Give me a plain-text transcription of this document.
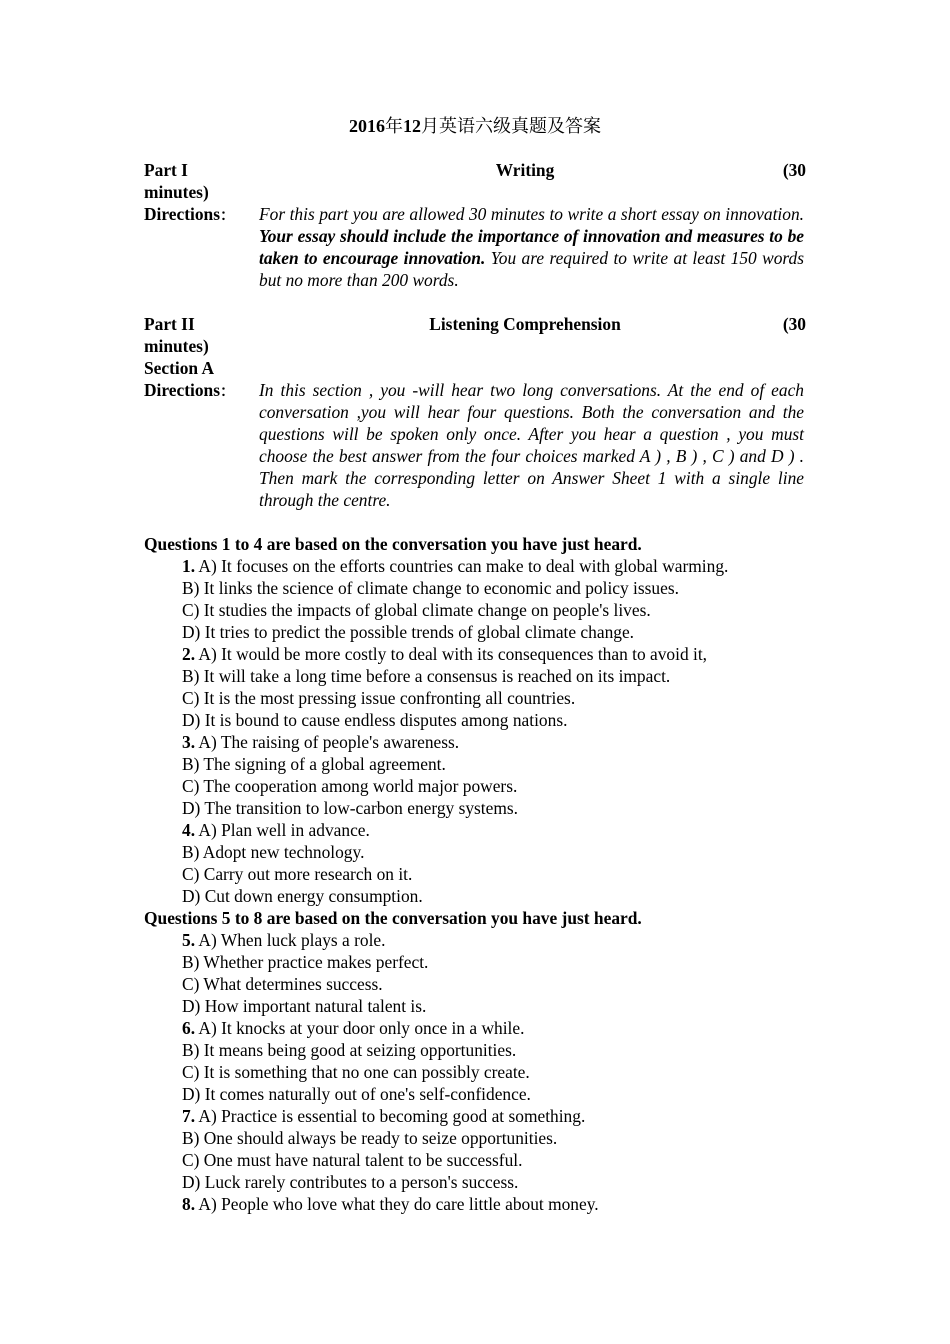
2016年12月英语六级真题及答案
Part I	Writing	(30
minutes)
Directions： For this part you are allowed 30 minutes to write a short essay on innovation. Your essay should include the importance of innovation and measures to be taken to encourage innovation. You are required to write at least 150 words but no more than 200 words.
Part II	Listening Comprehension	(30
minutes)
Section A
Directions： In this section , you -will hear two long conversations. At the end of each conversation ,you will hear four questions. Both the conversation and the questions will be spoken only once. After you hear a question , you must choose the best answer from the four choices marked A ) , B ) , C ) and D ) . Then mark the corresponding letter on Answer Sheet 1 with a single line through the centre.
Questions 1 to 4 are based on the conversation you have just heard.
1. A) It focuses on the efforts countries can make to deal with global warming.
B) It links the science of climate change to economic and policy issues.
C) It studies the impacts of global climate change on people's lives.
D) It tries to predict the possible trends of global climate change.
2. A) It would be more costly to deal with its consequences than to avoid it,
B) It will take a long time before a consensus is reached on its impact.
C) It is the most pressing issue confronting all countries.
D) It is bound to cause endless disputes among nations.
3. A) The raising of people's awareness.
B) The signing of a global agreement.
C) The cooperation among world major powers.
D) The transition to low-carbon energy systems.
4. A) Plan well in advance.
B) Adopt new technology.
C) Carry out more research on it.
D) Cut down energy consumption.
Questions 5 to 8 are based on the conversation you have just heard.
5. A) When luck plays a role.
B) Whether practice makes perfect.
C) What determines success.
D) How important natural talent is.
6. A) It knocks at your door only once in a while.
B) It means being good at seizing opportunities.
C) It is something that no one can possibly create.
D) It comes naturally out of one's self-confidence.
7. A) Practice is essential to becoming good at something.
B) One should always be ready to seize opportunities.
C) One must have natural talent to be successful.
D) Luck rarely contributes to a person's success.
8. A) People who love what they do care little about money.
